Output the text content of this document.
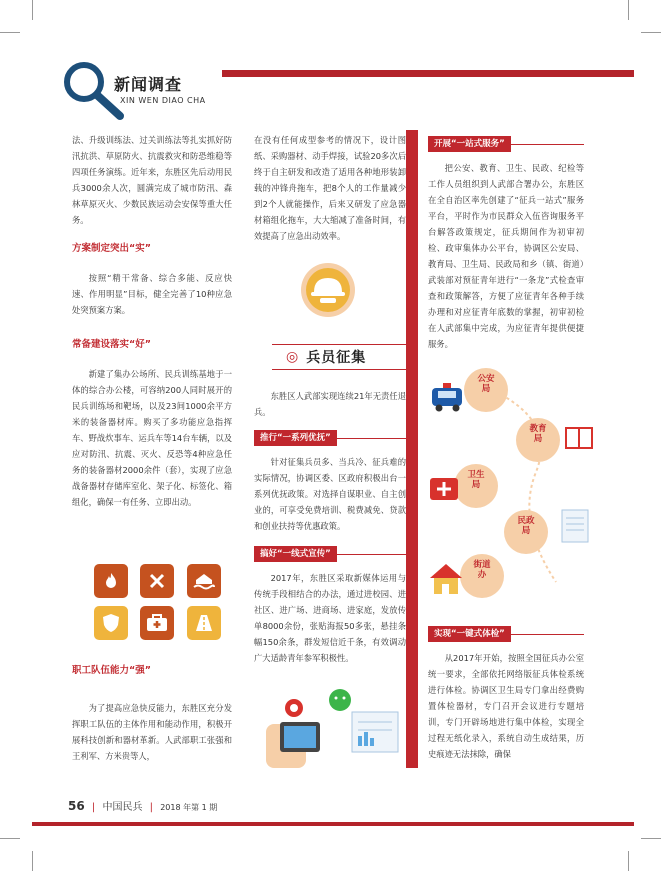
新闻调查
XIN WEN DIAO CHA

法、升级训练法、过关训练法等扎实抓好防汛抗洪、草原防火、抗震救灾和防恐维稳等四项任务演练。近年来，东胜区先后动用民兵3000余人次，圆满完成了城市防汛、森林草原灭火、少数民族运动会安保等重大任务。

方案制定突出“实”

按照“精干常备、综合多能、反应快速、作用明显”目标，健全完善了10种应急处突预案方案。

常备建设落实“好”

新建了集办公场所、民兵训练基地于一体的综合办公楼，可容纳200人同时展开的民兵训练场和靶场，以及23间1000余平方米的装备器材库。购买了多功能应急指挥车、野战炊事车、运兵车等14台车辆，以及应对防汛、抗震、灭火、反恐等4种应急任务的装备器材2000余件（套），实现了应急战备器材存储库室化、架子化、标签化、箱组化，确保一有任务、立即出动。

职工队伍能力“强”

为了提高应急快反能力，东胜区充分发挥职工队伍的主体作用和能动作用，积极开展科技创新和器材革新。人武部职工张强和王利军、方米贵等人，

在没有任何成型参考的情况下，设计图纸、采购器材、动手焊接，试验20多次后终于自主研发和改造了适用各种地形装卸载的冲锋舟拖车，把8个人的工作量减少到2个人就能操作，后来又研发了应急器材箱组化拖车，大大缩减了准备时间，有效提高了应急出动效率。

◎ 兵员征集

东胜区人武部实现连续21年无责任退兵。

推行“一系列优抚”

针对征集兵员多、当兵冷、征兵难的实际情况，协调区委、区政府积极出台一系列优抚政策。对选择自谋职业、自主创业的，可享受免费培训、税费减免、贷款和创业扶持等优惠政策。

搞好“一线式宣传”

2017年，东胜区采取新媒体运用与传统手段相结合的办法，通过进校园、进社区、进广场、进商场、进家庭，发放传单8000余份，张贴海报50多张，悬挂条幅150余条，群发短信近千条，有效调动广大适龄青年参军积极性。

开展“一站式服务”

把公安、教育、卫生、民政、纪检等工作人员组织到人武部合署办公，东胜区在全自治区率先创建了“征兵一站式”服务平台，平时作为市民群众入伍咨询服务平台解答政策规定，征兵期间作为初审初检、政审集体办公平台，协调区公安局、教育局、卫生局、民政局和乡（镇、街道）武装部对预征青年进行“一条龙”式检查审查和政策解答，方便了应征青年各种手续办理和对应征青年底数的掌握，初审初检在人武部集中完成，为应征青年提供便捷服务。

公安局
教育局
卫生局
民政局
街道办
实现“一键式体检”

从2017年开始，按照全国征兵办公室统一要求，全部依托网络版征兵体检系统进行体检。协调区卫生局专门拿出经费购置体检器材，专门召开会议进行专题培训，专门开辟场地进行集中体检，实现全过程无纸化录入，系统自动生成结果，历史痕迹无法抹除，确保

56 | 中国民兵 | 2018 年第 1 期
